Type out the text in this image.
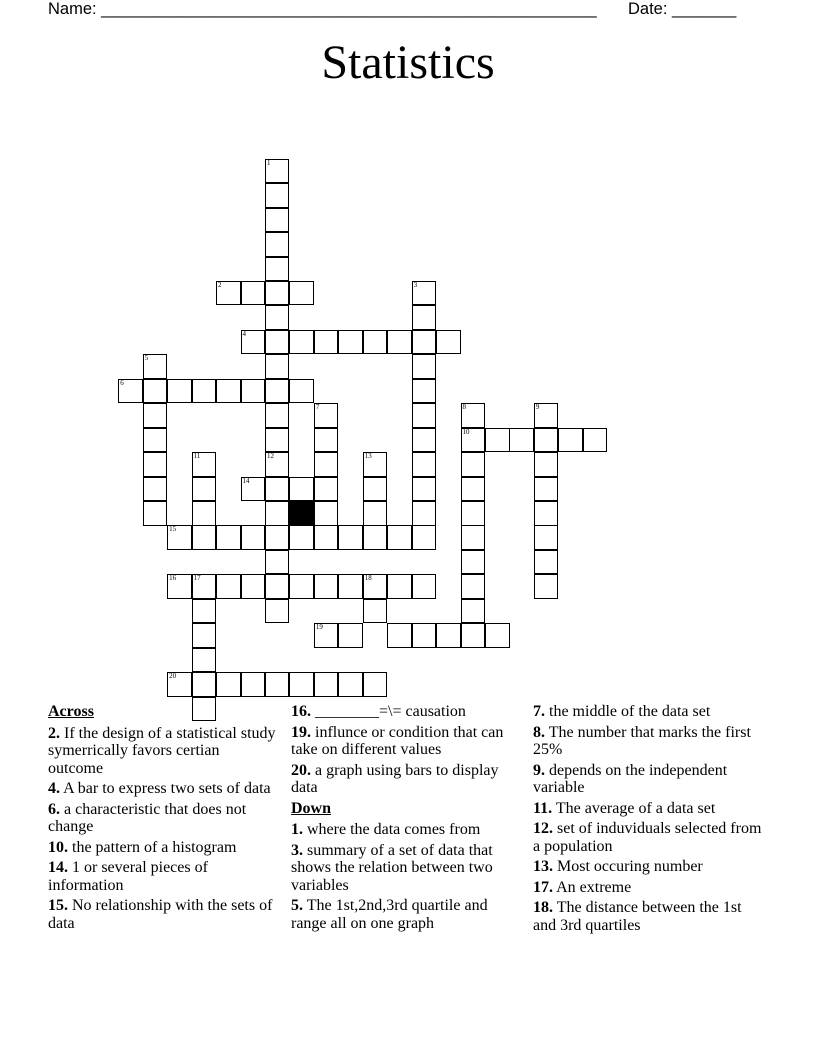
Name: ______________________________________________________

Date: _______

Statistics
1
12
2	3
4
5
6
7	8
10
9
11	13
14
15
16 17	18
19
20
Across
2. If the design of a statistical study symerrically favors certian outcome
4. A bar to express two sets of data
6. a characteristic that does not change
10. the pattern of a histogram
14. 1 or several pieces of information
15. No relationship with the sets of data
16. ________=\= causation
19. influnce or condition that can take on different values
20. a graph using bars to display data
Down
1. where the data comes from
3. summary of a set of data that shows the relation between two variables
5. The 1st,2nd,3rd quartile and range all on one graph
7. the middle of the data set
8. The number that marks the first 25%
9. depends on the independent variable
11. The average of a data set
12. set of induviduals selected from a population
13. Most occuring number
17. An extreme
18. The distance between the 1st and 3rd quartiles
